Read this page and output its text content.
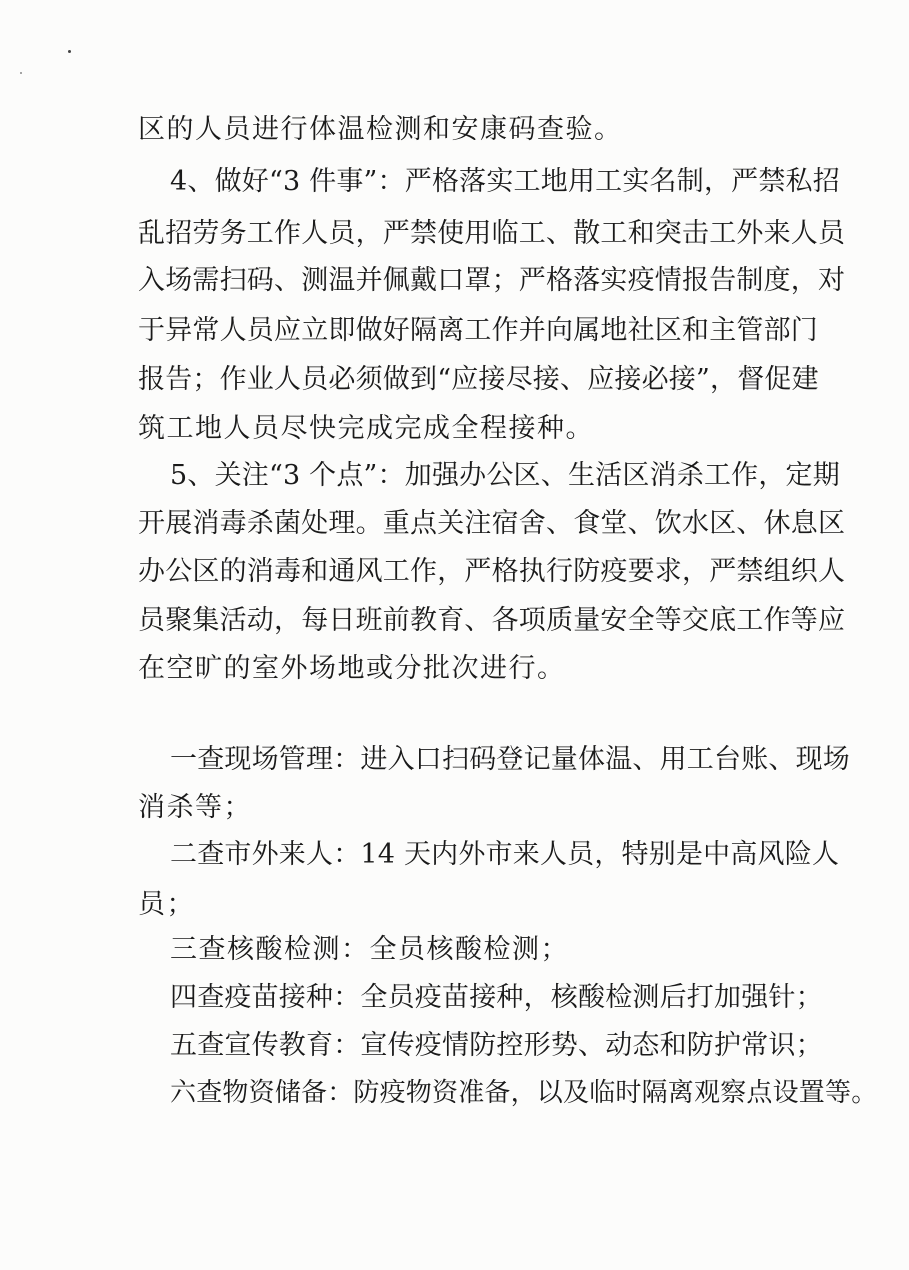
区的人员进行体温检测和安康码查验。
4、做好“3 件事”：严格落实工地用工实名制，严禁私招
乱招劳务工作人员，严禁使用临工、散工和突击工外来人员
入场需扫码、测温并佩戴口罩；严格落实疫情报告制度，对
于异常人员应立即做好隔离工作并向属地社区和主管部门
报告；作业人员必须做到“应接尽接、应接必接”，督促建
筑工地人员尽快完成完成全程接种。
5、关注“3 个点”：加强办公区、生活区消杀工作，定期
开展消毒杀菌处理。重点关注宿舍、食堂、饮水区、休息区
办公区的消毒和通风工作，严格执行防疫要求，严禁组织人
员聚集活动，每日班前教育、各项质量安全等交底工作等应
在空旷的室外场地或分批次进行。
一查现场管理：进入口扫码登记量体温、用工台账、现场
消杀等；
二查市外来人：14 天内外市来人员，特别是中高风险人
员；
三查核酸检测：全员核酸检测；
四查疫苗接种：全员疫苗接种，核酸检测后打加强针；
五查宣传教育：宣传疫情防控形势、动态和防护常识；
六查物资储备：防疫物资准备，以及临时隔离观察点设置等。
